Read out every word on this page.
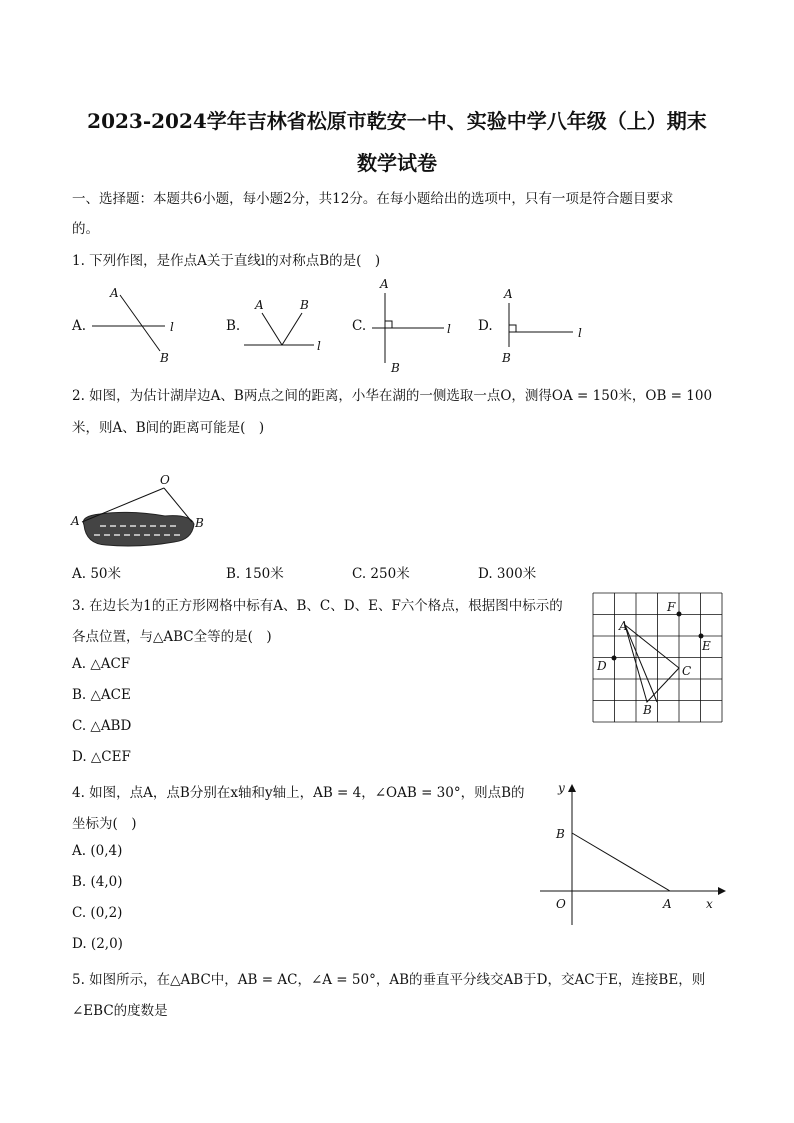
2023-2024学年吉林省松原市乾安一中、实验中学八年级（上）期末
数学试卷
一、选择题：本题共6小题，每小题2分，共12分。在每小题给出的选项中，只有一项是符合题目要求
的。
1. 下列作图，是作点A关于直线l的对称点B的是(　)
A.
A
B
l	B.
A	B
l
C.
A
B
l D.
A
B
l
2. 如图，为估计湖岸边A、B两点之间的距离，小华在湖的一侧选取一点O，测得OA = 150米，OB = 100
米，则A、B间的距离可能是(　)
O
A	B
A. 50米	B. 150米	C. 250米	D. 300米
3. 在边长为1的正方形网格中标有A、B、C、D、E、F六个格点，根据图中标示的
各点位置，与△ABC全等的是(　)
A. △ACF
B. △ACE
C. △ABD
D. △CEF
A
B
C
D
E
F
4. 如图，点A，点B分别在x轴和y轴上，AB = 4，∠OAB = 30°，则点B的
坐标为(　)
A. (0,4)
B. (4,0)
C. (0,2)
D. (2,0)
y
x
O	A
B
5. 如图所示，在△ABC中，AB = AC，∠A = 50°，AB的垂直平分线交AB于D，交AC于E，连接BE，则
∠EBC的度数是
